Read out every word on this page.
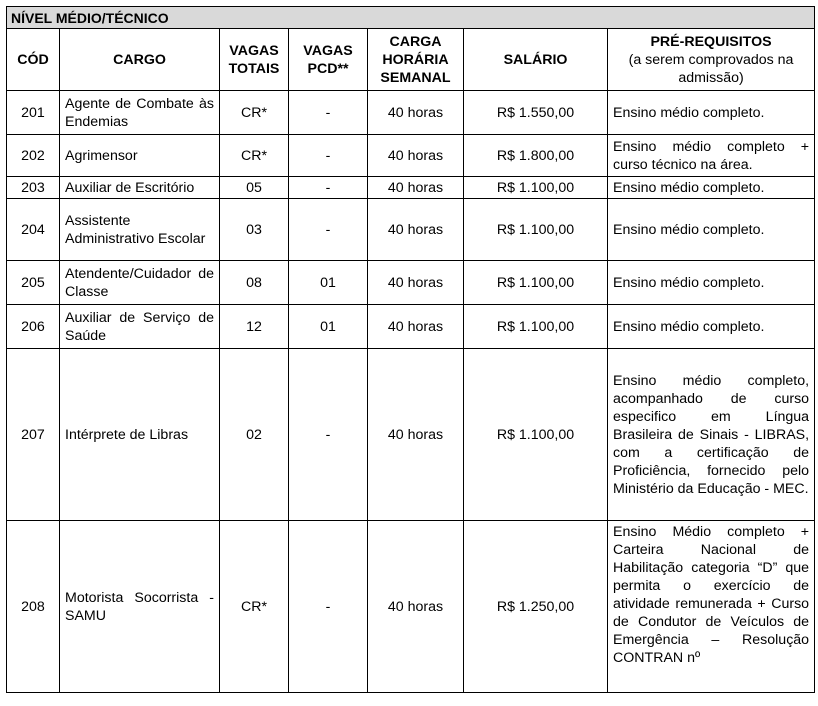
NÍVEL MÉDIO/TÉCNICO						
CÓD	CARGO	VAGAS TOTAIS	VAGAS PCD**	CARGA HORÁRIA SEMANAL	SALÁRIO	PRÉ-REQUISITOS
(a serem comprovados na admissão)

201	Agente de Combate às Endemias	CR*	-	40 horas	R$ 1.550,00	Ensino médio completo.
202	Agrimensor	CR*	-	40 horas	R$ 1.800,00	Ensino médio completo + curso técnico na área.
203	Auxiliar de Escritório	05	-	40 horas	R$ 1.100,00	Ensino médio completo.
204	Assistente Administrativo Escolar	03	-	40 horas	R$ 1.100,00	Ensino médio completo.
205	Atendente/Cuidador de Classe	08	01	40 horas	R$ 1.100,00	Ensino médio completo.
206	Auxiliar de Serviço de Saúde	12	01	40 horas	R$ 1.100,00	Ensino médio completo.
207	Intérprete de Libras	02	-	40 horas	R$ 1.100,00	Ensino médio completo, acompanhado de curso especifico em Língua Brasileira de Sinais - LIBRAS, com a certificação de Proficiência, fornecido pelo Ministério da Educação - MEC.
208	Motorista Socorrista - SAMU	CR*	-	40 horas	R$ 1.250,00	Ensino Médio completo + Carteira Nacional de Habilitação categoria “D” que permita o exercício de atividade remunerada + Curso de Condutor de Veículos de Emergência – Resolução CONTRAN nº
